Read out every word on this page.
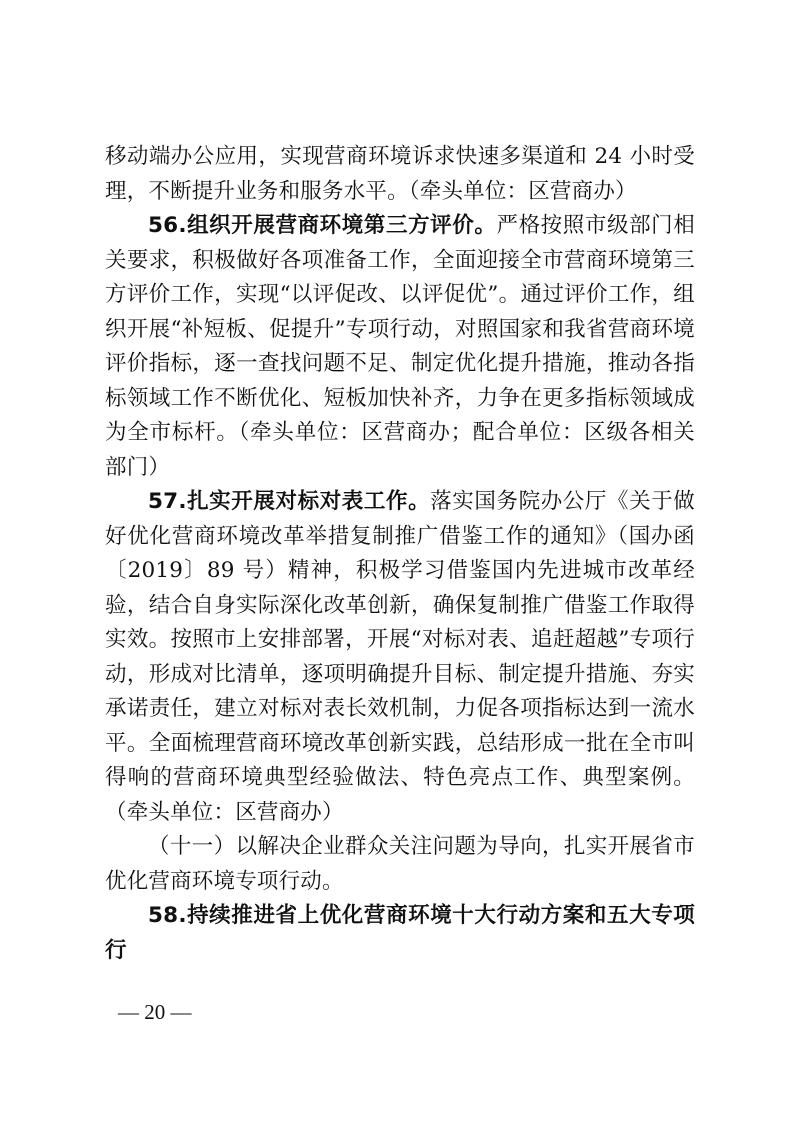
移动端办公应用，实现营商环境诉求快速多渠道和 24 小时受理，不断提升业务和服务水平。（牵头单位：区营商办）

56.组织开展营商环境第三方评价。严格按照市级部门相关要求，积极做好各项准备工作，全面迎接全市营商环境第三方评价工作，实现“以评促改、以评促优”。通过评价工作，组织开展“补短板、促提升”专项行动，对照国家和我省营商环境评价指标，逐一查找问题不足、制定优化提升措施，推动各指标领域工作不断优化、短板加快补齐，力争在更多指标领域成为全市标杆。（牵头单位：区营商办；配合单位：区级各相关部门）

57.扎实开展对标对表工作。落实国务院办公厅《关于做好优化营商环境改革举措复制推广借鉴工作的通知》（国办函〔2019〕89 号）精神，积极学习借鉴国内先进城市改革经验，结合自身实际深化改革创新，确保复制推广借鉴工作取得实效。按照市上安排部署，开展“对标对表、追赶超越”专项行动，形成对比清单，逐项明确提升目标、制定提升措施、夯实承诺责任，建立对标对表长效机制，力促各项指标达到一流水平。全面梳理营商环境改革创新实践，总结形成一批在全市叫得响的营商环境典型经验做法、特色亮点工作、典型案例。（牵头单位：区营商办）

（十一）以解决企业群众关注问题为导向，扎实开展省市优化营商环境专项行动。

58.持续推进省上优化营商环境十大行动方案和五大专项行

— 20 —
